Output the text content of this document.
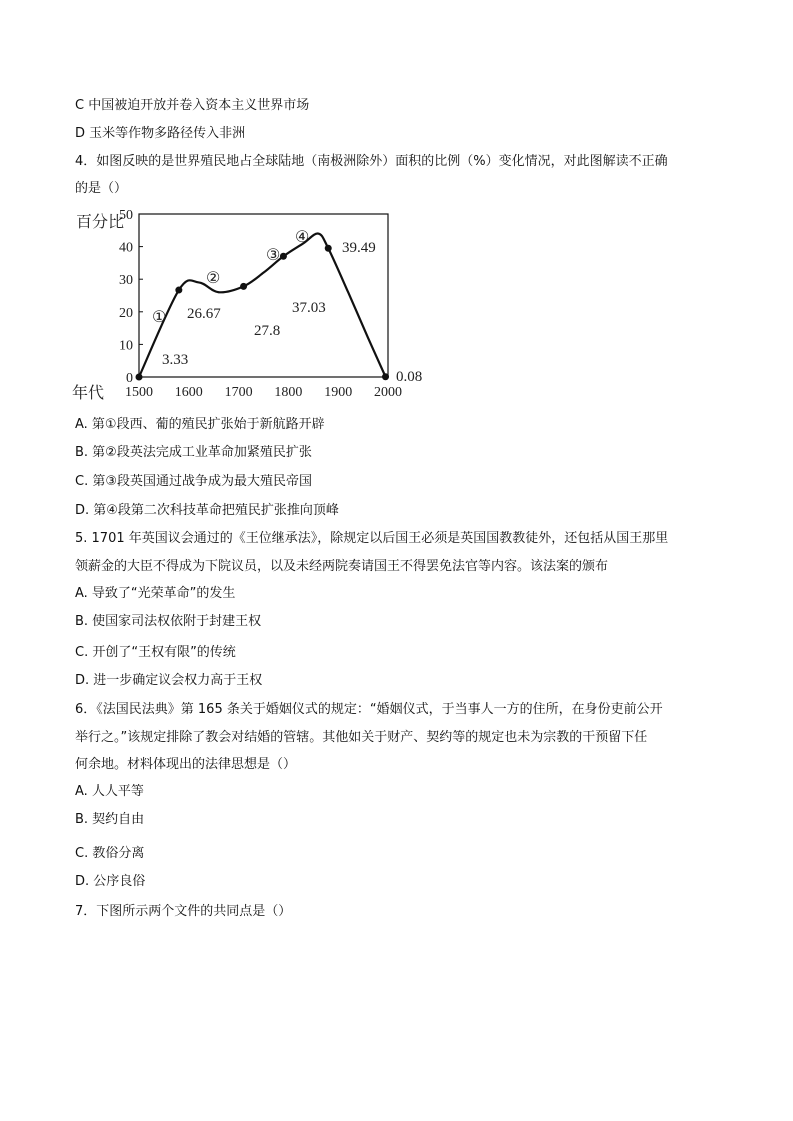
C 中国被迫开放并卷入资本主义世界市场
D 玉米等作物多路径传入非洲
4．如图反映的是世界殖民地占全球陆地（南极洲除外）面积的比例（%）变化情况，对此图解读不正确
的是（）
0
10
20
30
40
50
1500 1600 1700 1800 1900 2000
26.67
27.8
37.03
39.49
0.08
3.33
①
②
③
④
百分比
年代
A. 第①段西、葡的殖民扩张始于新航路开辟
B. 第②段英法完成工业革命加紧殖民扩张
C. 第③段英国通过战争成为最大殖民帝国
D. 第④段第二次科技革命把殖民扩张推向顶峰
5. 1701 年英国议会通过的《王位继承法》，除规定以后国王必须是英国国教教徒外，还包括从国王那里
领薪金的大臣不得成为下院议员，以及未经两院奏请国王不得罢免法官等内容。该法案的颁布
A. 导致了“光荣革命”的发生
B. 使国家司法权依附于封建王权
C. 开创了“王权有限”的传统
D. 进一步确定议会权力高于王权
6．《法国民法典》第 165 条关于婚姻仪式的规定：“婚姻仪式，于当事人一方的住所，在身份吏前公开
举行之。”该规定排除了教会对结婚的管辖。其他如关于财产、契约等的规定也未为宗教的干预留下任
何余地。材料体现出的法律思想是（）
A. 人人平等
B. 契约自由
C. 教俗分离
D. 公序良俗
7．下图所示两个文件的共同点是（）
